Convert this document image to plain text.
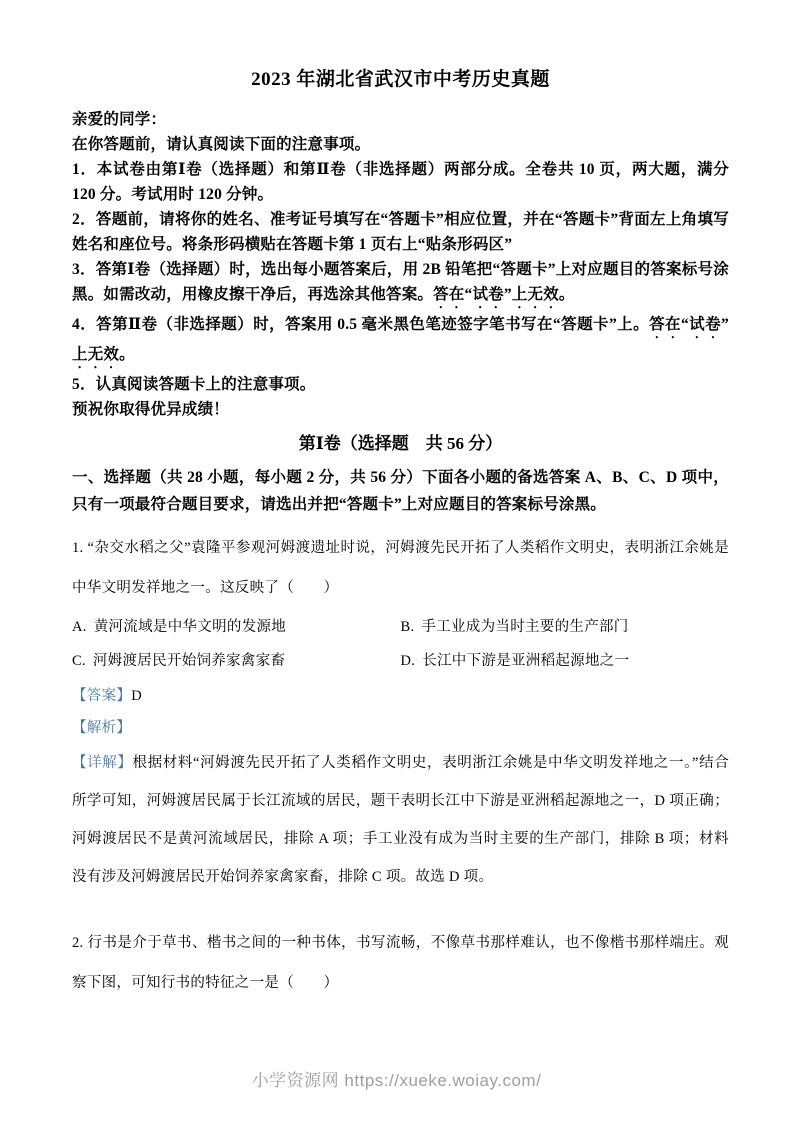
2023 年湖北省武汉市中考历史真题

亲爱的同学：

在你答题前，请认真阅读下面的注意事项。

1．本试卷由第Ⅰ卷（选择题）和第Ⅱ卷（非选择题）两部分成。全卷共 10 页，两大题，满分 120 分。考试用时 120 分钟。

2．答题前，请将你的姓名、准考证号填写在“答题卡”相应位置，并在“答题卡”背面左上角填写姓名和座位号。将条形码横贴在答题卡第 1 页右上“贴条形码区”

3．答第Ⅰ卷（选择题）时，选出每小题答案后，用 2B 铅笔把“答题卡”上对应题目的答案标号涂黑。如需改动，用橡皮擦干净后，再选涂其他答案。答在“试卷”上无效。

4．答第Ⅱ卷（非选择题）时，答案用 0.5 毫米黑色笔迹签字笔书写在“答题卡”上。答在“试卷”上无效。

5．认真阅读答题卡上的注意事项。

预祝你取得优异成绩！

第Ⅰ卷（选择题　共 56 分）

一、选择题（共 28 小题，每小题 2 分，共 56 分）下面各小题的备选答案 A、B、C、D 项中，只有一项最符合题目要求，请选出并把“答题卡”上对应题目的答案标号涂黑。

1. “杂交水稻之父”袁隆平参观河姆渡遗址时说，河姆渡先民开拓了人类稻作文明史，表明浙江余姚是中华文明发祥地之一。这反映了（　　）

A. 黄河流域是中华文明的发源地	B. 手工业成为当时主要的生产部门
C. 河姆渡居民开始饲养家禽家畜	D. 长江中下游是亚洲稻起源地之一

【答案】D

【解析】

【详解】根据材料“河姆渡先民开拓了人类稻作文明史，表明浙江余姚是中华文明发祥地之一。”结合所学可知，河姆渡居民属于长江流域的居民，题干表明长江中下游是亚洲稻起源地之一，D 项正确；河姆渡居民不是黄河流域居民，排除 A 项；手工业没有成为当时主要的生产部门，排除 B 项；材料没有涉及河姆渡居民开始饲养家禽家畜，排除 C 项。故选 D 项。

2. 行书是介于草书、楷书之间的一种书体，书写流畅，不像草书那样难认，也不像楷书那样端庄。观察下图，可知行书的特征之一是（　　）

小学资源网 https://xueke.woiay.com/
